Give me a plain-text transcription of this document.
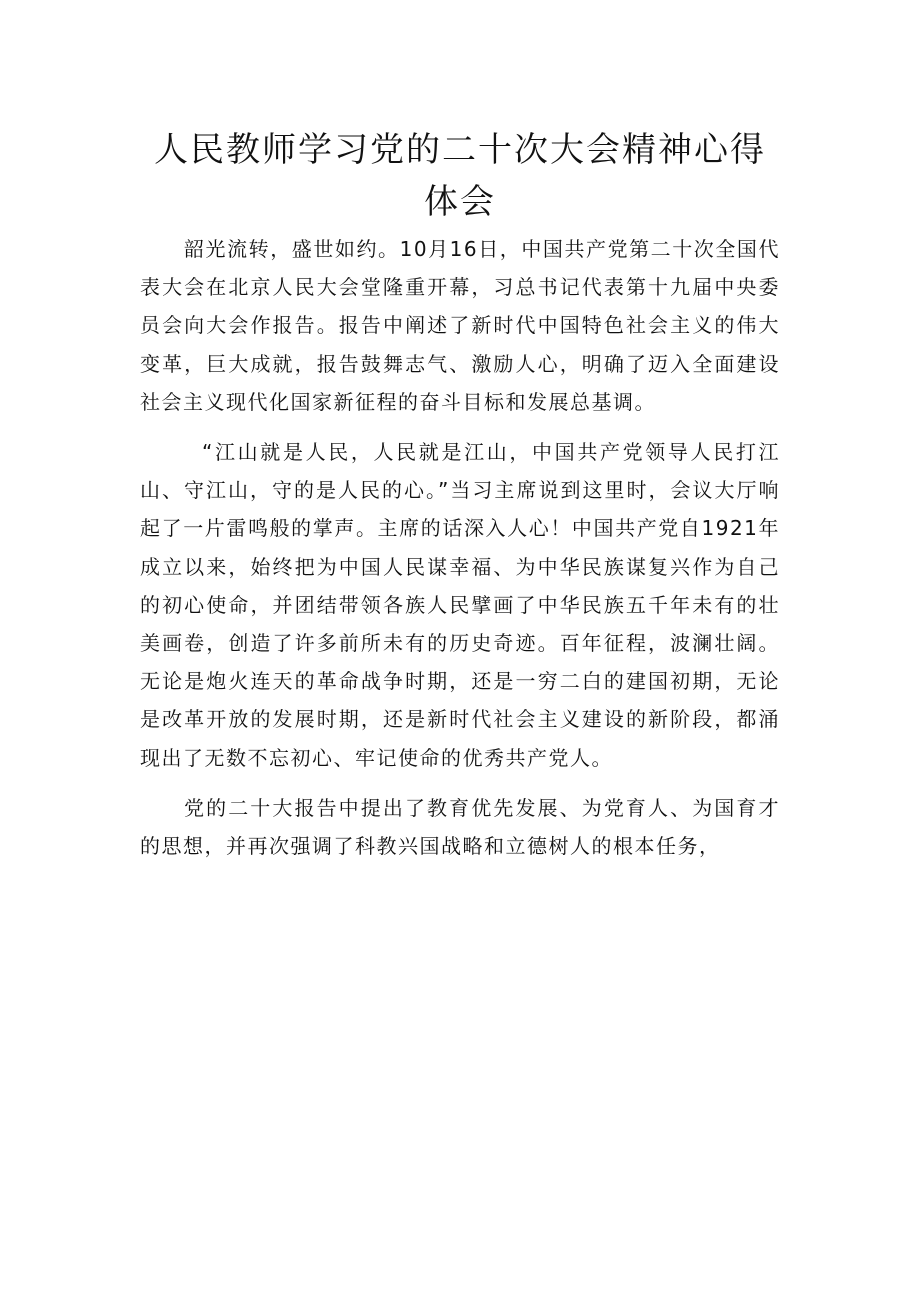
人民教师学习党的二十次大会精神心得体会

韶光流转，盛世如约。10月16日，中国共产党第二十次全国代表大会在北京人民大会堂隆重开幕，习总书记代表第十九届中央委员会向大会作报告。报告中阐述了新时代中国特色社会主义的伟大变革，巨大成就，报告鼓舞志气、激励人心，明确了迈入全面建设社会主义现代化国家新征程的奋斗目标和发展总基调。

“江山就是人民，人民就是江山，中国共产党领导人民打江山、守江山，守的是人民的心。”当习主席说到这里时，会议大厅响起了一片雷鸣般的掌声。主席的话深入人心！中国共产党自1921年成立以来，始终把为中国人民谋幸福、为中华民族谋复兴作为自己的初心使命，并团结带领各族人民擘画了中华民族五千年未有的壮美画卷，创造了许多前所未有的历史奇迹。百年征程，波澜壮阔。无论是炮火连天的革命战争时期，还是一穷二白的建国初期，无论是改革开放的发展时期，还是新时代社会主义建设的新阶段，都涌现出了无数不忘初心、牢记使命的优秀共产党人。

党的二十大报告中提出了教育优先发展、为党育人、为国育才的思想，并再次强调了科教兴国战略和立德树人的根本任务，
